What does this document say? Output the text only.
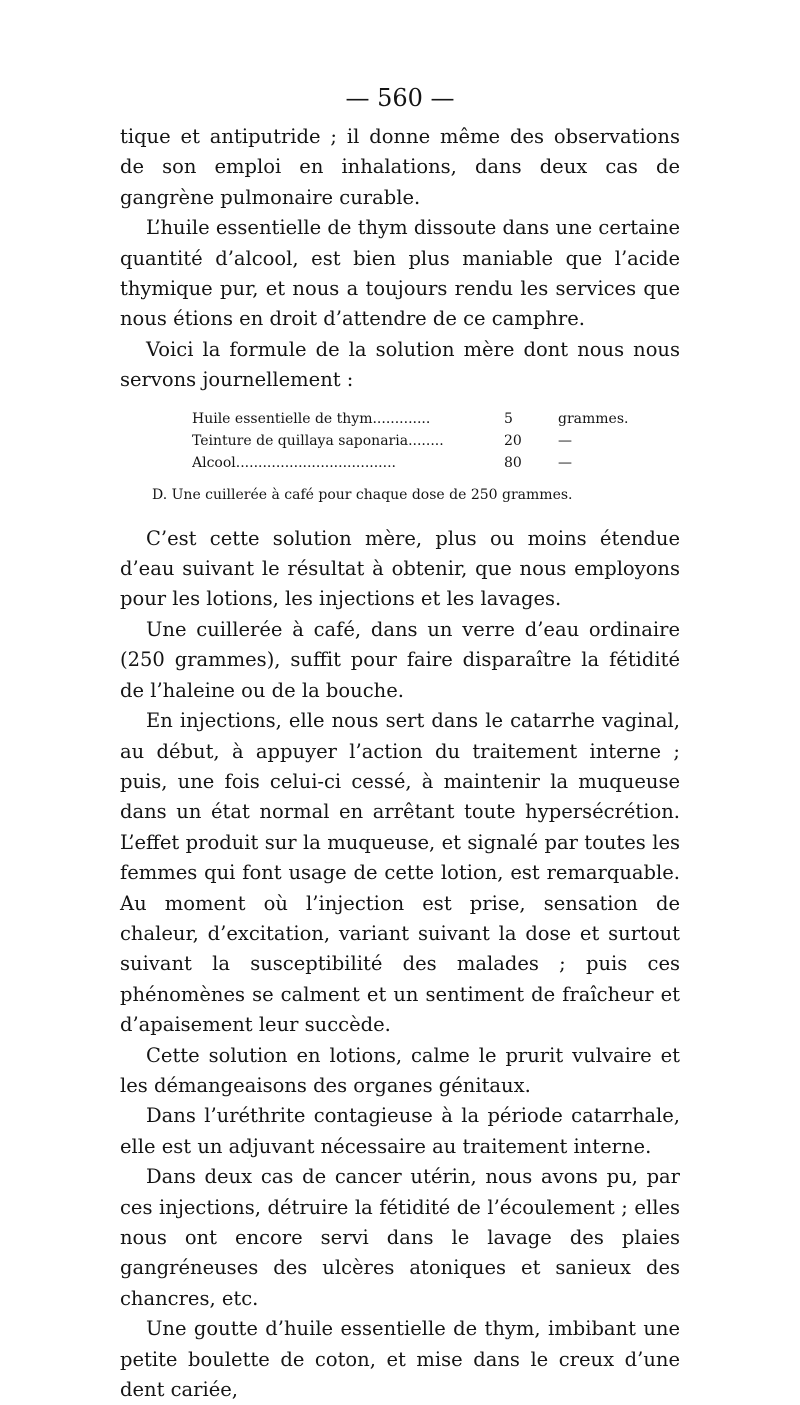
— 560 —

tique et antiputride ; il donne même des observations de son emploi en inhalations, dans deux cas de gangrène pulmonaire curable.

L’huile essentielle de thym dissoute dans une certaine quantité d’alcool, est bien plus maniable que l’acide thymique pur, et nous a toujours rendu les services que nous étions en droit d’attendre de ce camphre.

Voici la formule de la solution mère dont nous nous servons journellement :

Huile essentielle de thym.............	5	grammes.
Teinture de quillaya saponaria........	20	—
Alcool....................................	80	—
D. Une cuillerée à café pour chaque dose de 250 grammes.

C’est cette solution mère, plus ou moins étendue d’eau suivant le résultat à obtenir, que nous employons pour les lotions, les injections et les lavages.

Une cuillerée à café, dans un verre d’eau ordinaire (250 grammes), suffit pour faire disparaître la fétidité de l’haleine ou de la bouche.

En injections, elle nous sert dans le catarrhe vaginal, au début, à appuyer l’action du traitement interne ; puis, une fois celui-ci cessé, à maintenir la muqueuse dans un état normal en arrêtant toute hypersécrétion. L’effet produit sur la muqueuse, et signalé par toutes les femmes qui font usage de cette lotion, est remarquable. Au moment où l’injection est prise, sensation de chaleur, d’excitation, variant suivant la dose et surtout suivant la susceptibilité des malades ; puis ces phénomènes se calment et un sentiment de fraîcheur et d’apaisement leur succède.

Cette solution en lotions, calme le prurit vulvaire et les démangeaisons des organes génitaux.

Dans l’uréthrite contagieuse à la période catarrhale, elle est un adjuvant nécessaire au traitement interne.

Dans deux cas de cancer utérin, nous avons pu, par ces injections, détruire la fétidité de l’écoulement ; elles nous ont encore servi dans le lavage des plaies gangréneuses des ulcères atoniques et sanieux des chancres, etc.

Une goutte d’huile essentielle de thym, imbibant une petite boulette de coton, et mise dans le creux d’une dent cariée,
